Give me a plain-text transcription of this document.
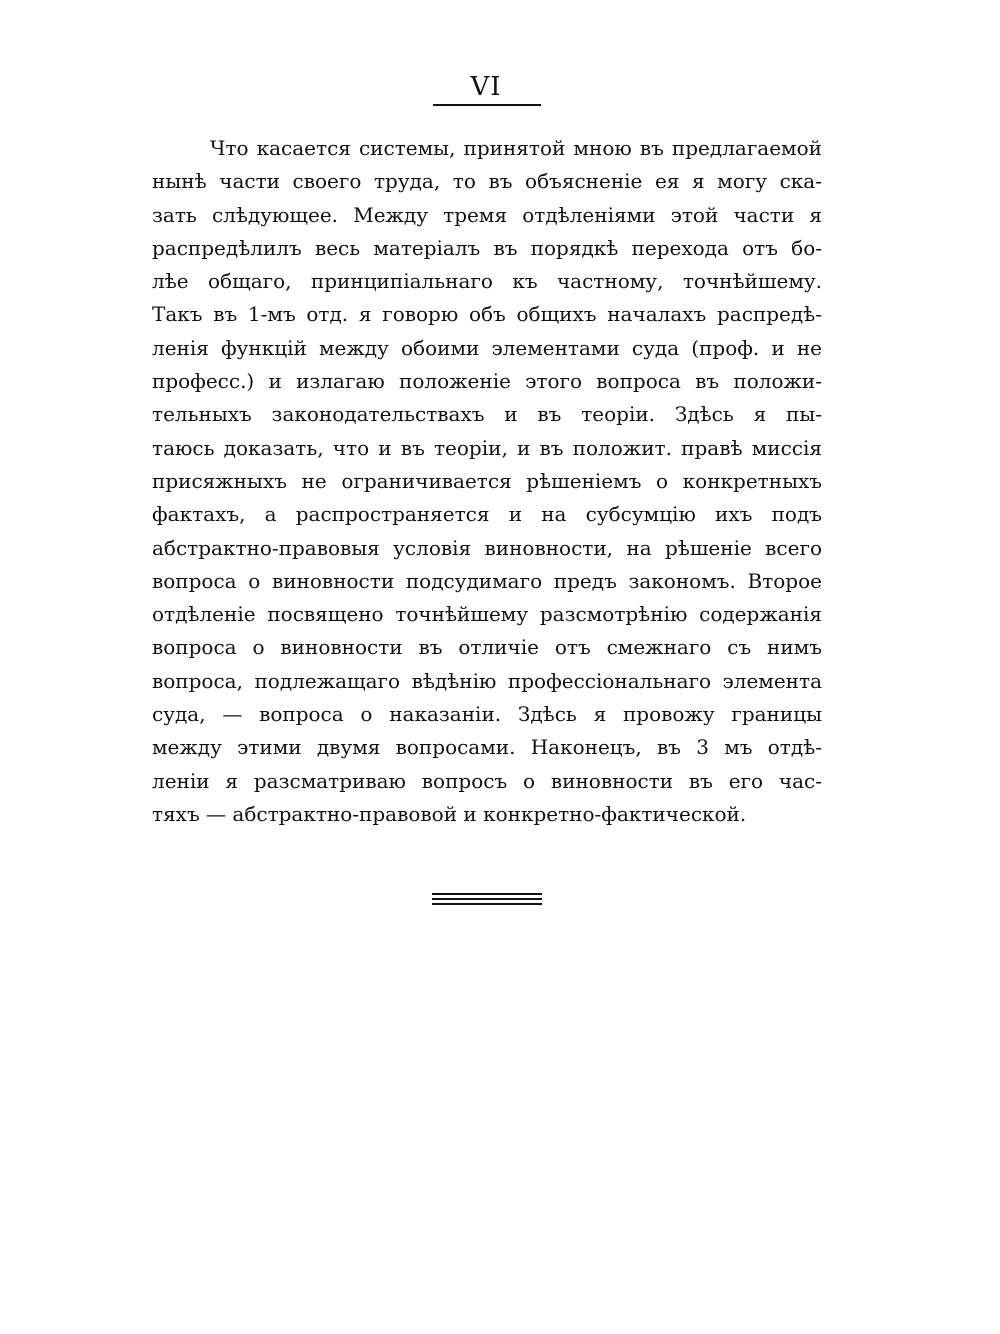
VI
Что касается системы, принятой мною въ предлагаемой
нынѣ части своего труда, то въ объясненіе ея я могу ска-
зать слѣдующее. Между тремя отдѣленіями этой части я
распредѣлилъ весь матеріалъ въ порядкѣ перехода отъ бо-
лѣе общаго, принципіальнаго къ частному, точнѣйшему.
Такъ въ 1-мъ отд. я говорю объ общихъ началахъ распредѣ-
ленія функцій между обоими элементами суда (проф. и не
професс.) и излагаю положеніе этого вопроса въ положи-
тельныхъ законодательствахъ и въ теоріи. Здѣсь я пы-
таюсь доказать, что и въ теоріи, и въ положит. правѣ миссія
присяжныхъ не ограничивается рѣшеніемъ о конкретныхъ
фактахъ, а распространяется и на субсумцію ихъ подъ
абстрактно-правовыя условія виновности, на рѣшеніе всего
вопроса о виновности подсудимаго предъ закономъ. Второе
отдѣленіе посвящено точнѣйшему разсмотрѣнію содержанія
вопроса о виновности въ отличіе отъ смежнаго съ нимъ
вопроса, подлежащаго вѣдѣнію профессіональнаго элемента
суда, — вопроса о наказаніи. Здѣсь я провожу границы
между этими двумя вопросами. Наконецъ, въ 3 мъ отдѣ-
леніи я разсматриваю вопросъ о виновности въ его час-
тяхъ — абстрактно-правовой и конкретно-фактической.
